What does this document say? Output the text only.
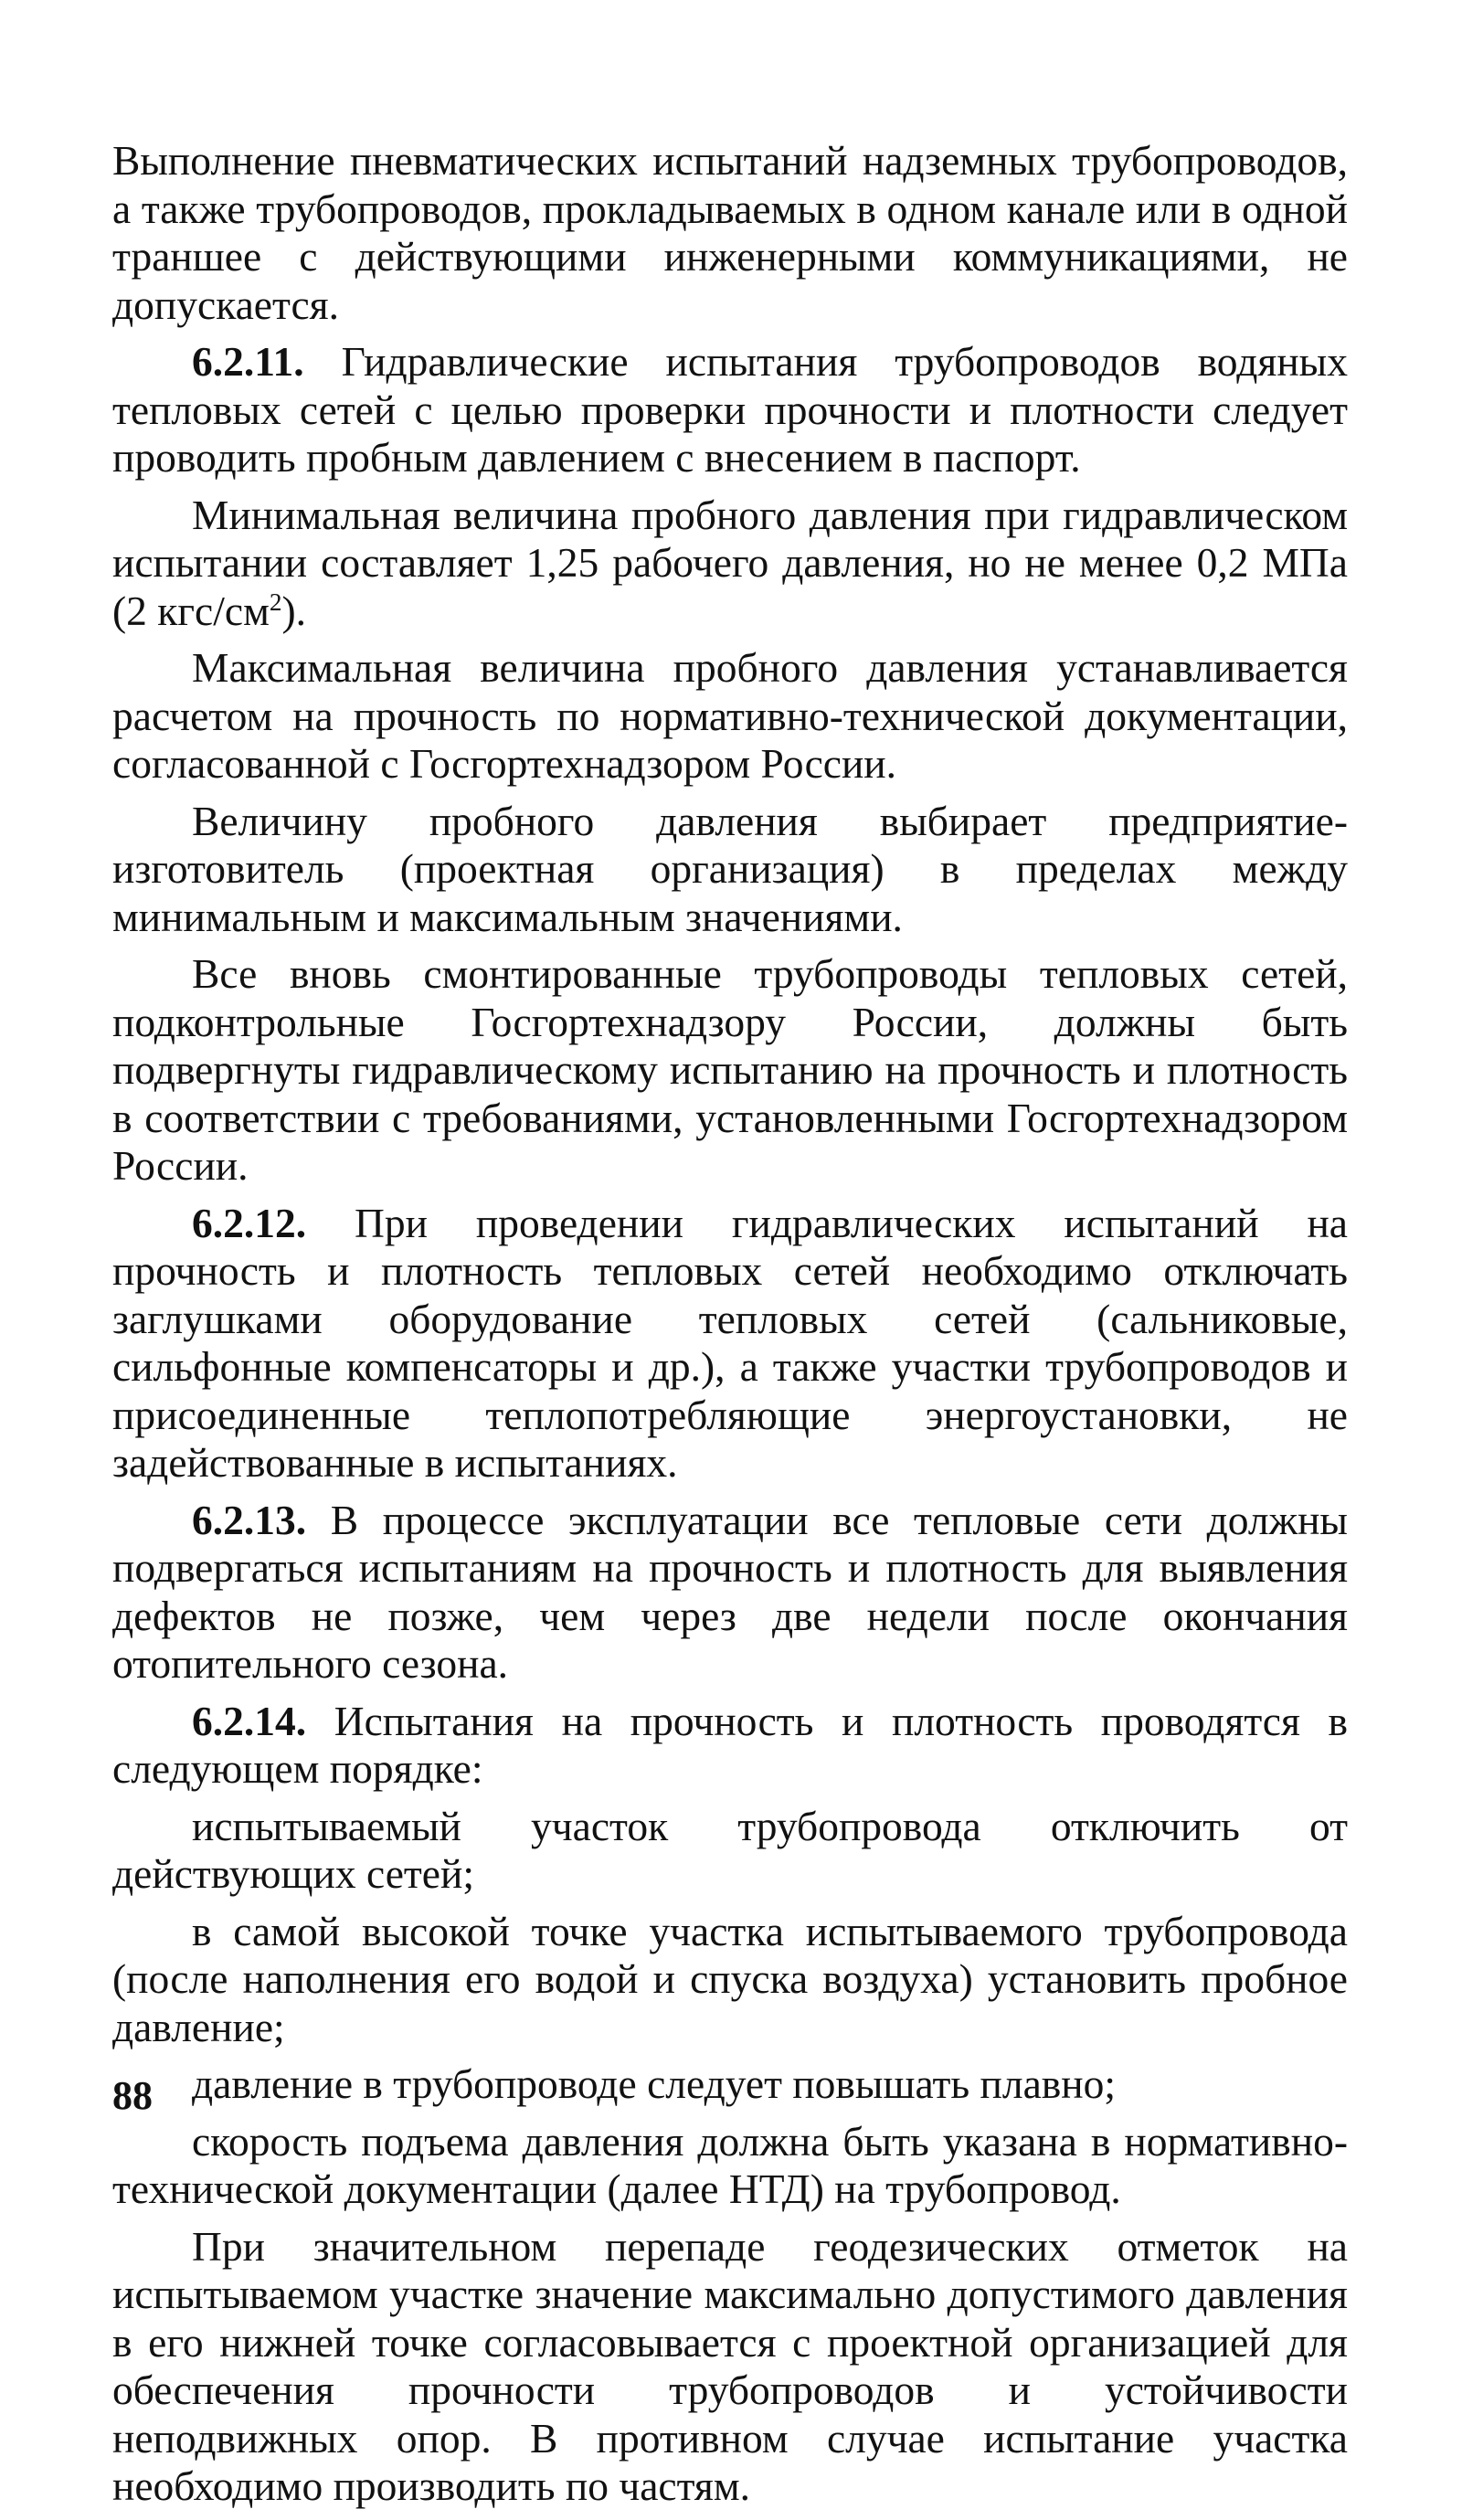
Выполнение пневматических испытаний надземных трубопроводов, а также трубопроводов, прокладываемых в одном канале или в одной траншее с действующими инженерными коммуникациями, не допускается.

6.2.11. Гидравлические испытания трубопроводов водяных тепловых сетей с целью проверки прочности и плотности следует проводить пробным давлением с внесением в паспорт.

Минимальная величина пробного давления при гидравлическом испытании составляет 1,25 рабочего давления, но не менее 0,2 МПа (2 кгс/$см^2$).

Максимальная величина пробного давления устанавливается расчетом на прочность по нормативно-технической документации, согласованной с Госгортехнадзором России.

Величину пробного давления выбирает предприятие-изготовитель (проектная организация) в пределах между минимальным и максимальным значениями.

Все вновь смонтированные трубопроводы тепловых сетей, подконтрольные Госгортехнадзору России, должны быть подвергнуты гидравлическому испытанию на прочность и плотность в соответствии с требованиями, установленными Госгортехнадзором России.

6.2.12. При проведении гидравлических испытаний на прочность и плотность тепловых сетей необходимо отключать заглушками оборудование тепловых сетей (сальниковые, сильфонные компенсаторы и др.), а также участки трубопроводов и присоединенные теплопотребляющие энергоустановки, не задействованные в испытаниях.

6.2.13. В процессе эксплуатации все тепловые сети должны подвергаться испытаниям на прочность и плотность для выявления дефектов не позже, чем через две недели после окончания отопительного сезона.

6.2.14. Испытания на прочность и плотность проводятся в следующем порядке:

испытываемый участок трубопровода отключить от действующих сетей;

в самой высокой точке участка испытываемого трубопровода (после наполнения его водой и спуска воздуха) установить пробное давление;

давление в трубопроводе следует повышать плавно;

скорость подъема давления должна быть указана в нормативно-технической документации (далее НТД) на трубопровод.

При значительном перепаде геодезических отметок на испытываемом участке значение максимально допустимого давления в его нижней точке согласовывается с проектной организацией для обеспечения прочности трубопроводов и устойчивости неподвижных опор. В противном случае испытание участка необходимо производить по частям.

88
